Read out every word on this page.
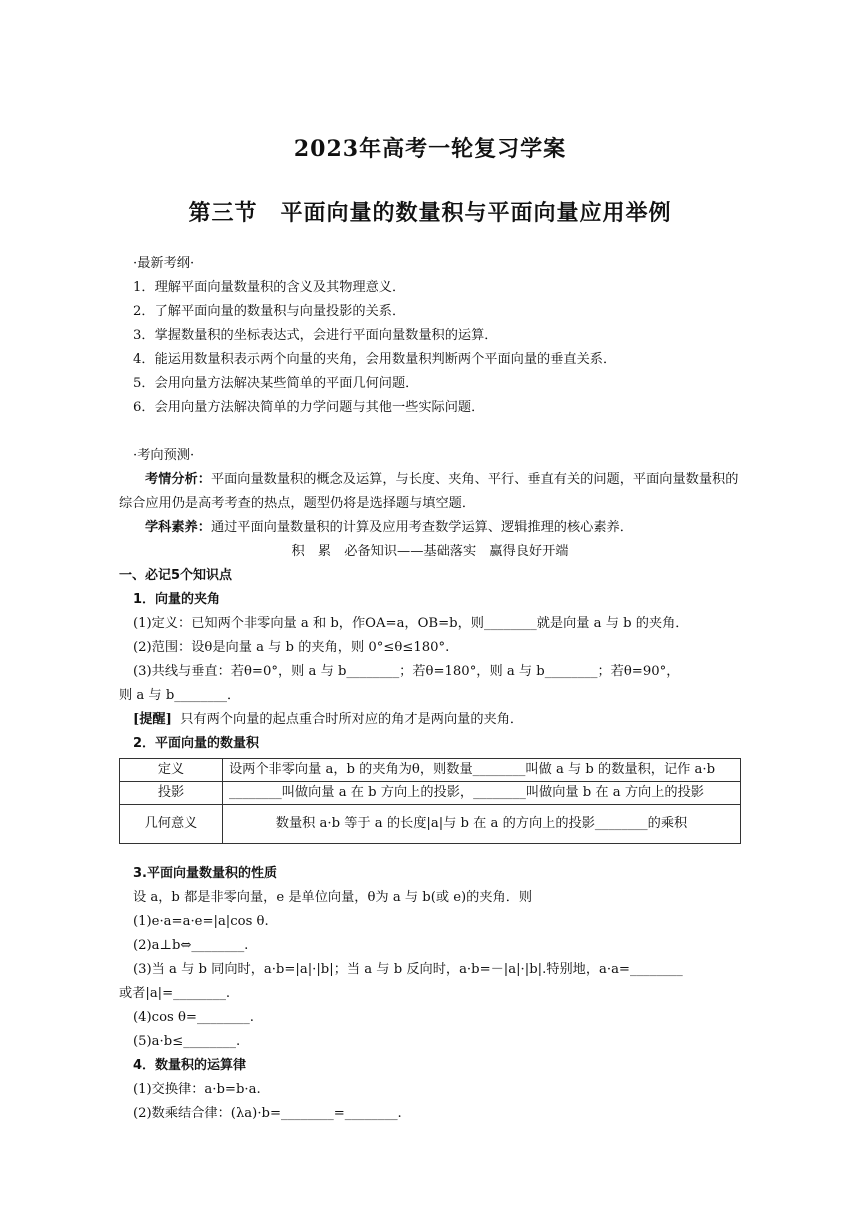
2023年高考一轮复习学案
第三节　平面向量的数量积与平面向量应用举例
·最新考纲·
1．理解平面向量数量积的含义及其物理意义．
2．了解平面向量的数量积与向量投影的关系．
3．掌握数量积的坐标表达式，会进行平面向量数量积的运算．
4．能运用数量积表示两个向量的夹角，会用数量积判断两个平面向量的垂直关系．
5．会用向量方法解决某些简单的平面几何问题．
6．会用向量方法解决简单的力学问题与其他一些实际问题．
·考向预测·
考情分析：平面向量数量积的概念及运算，与长度、夹角、平行、垂直有关的问题，平面向量数量积的综合应用仍是高考考查的热点，题型仍将是选择题与填空题．
学科素养：通过平面向量数量积的计算及应用考查数学运算、逻辑推理的核心素养．
积　累　必备知识——基础落实　赢得良好开端
一、必记5个知识点
1．向量的夹角
(1)定义：已知两个非零向量 a 和 b，作OA=a，OB=b，则________就是向量 a 与 b 的夹角．
(2)范围：设θ是向量 a 与 b 的夹角，则 0°≤θ≤180°.
(3)共线与垂直：若θ=0°，则 a 与 b________；若θ=180°，则 a 与 b________；若θ=90°，
则 a 与 b________．
[提醒] 只有两个向量的起点重合时所对应的角才是两向量的夹角．
2．平面向量的数量积
定义	设两个非零向量 a，b 的夹角为θ，则数量________叫做 a 与 b 的数量积，记作 a·b
投影	________叫做向量 a 在 b 方向上的投影，________叫做向量 b 在 a 方向上的投影
几何意义	数量积 a·b 等于 a 的长度|a|与 b 在 a 的方向上的投影________的乘积
3.平面向量数量积的性质
设 a，b 都是非零向量，e 是单位向量，θ为 a 与 b(或 e)的夹角．则
(1)e·a=a·e=|a|cos θ.
(2)a⊥b⇔________.
(3)当 a 与 b 同向时，a·b=|a|·|b|；当 a 与 b 反向时，a·b=－|a|·|b|.特别地，a·a=________
或者|a|=________.
(4)cos θ=________.
(5)a·b≤________.
4．数量积的运算律
(1)交换律：a·b=b·a.
(2)数乘结合律：(λa)·b=________=________.
